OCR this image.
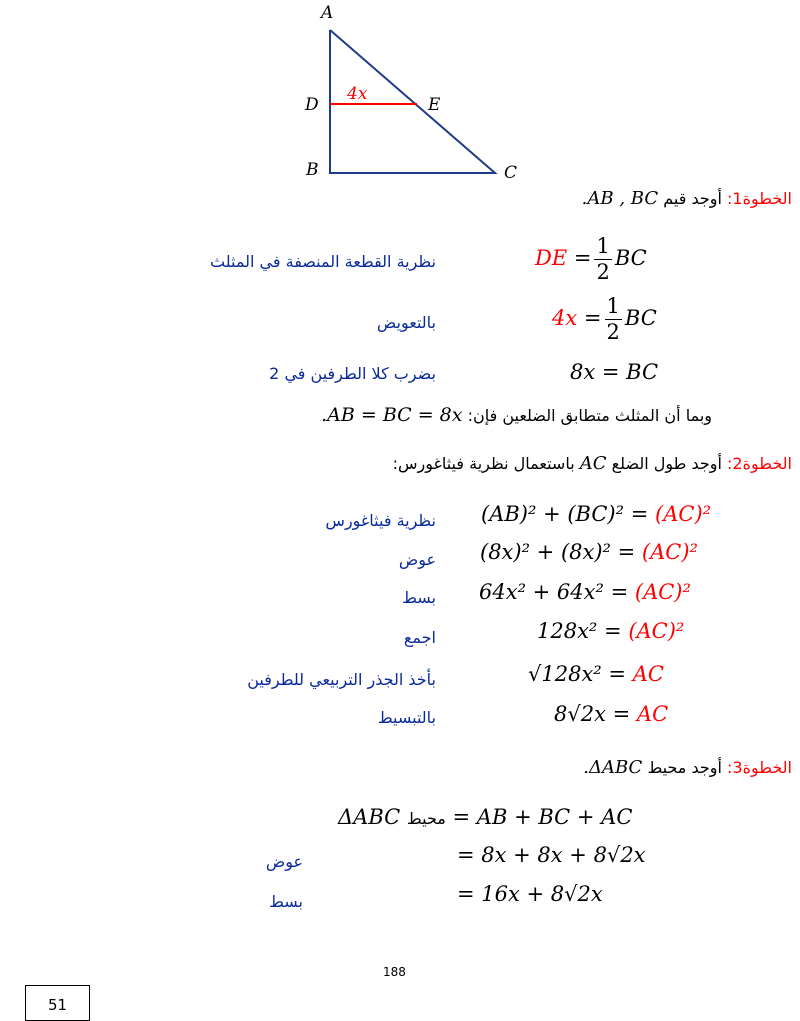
A
D	E
B	C
4x
الخطوة1: أوجد قيم AB , BC.
نظرية القطعة المنصفة في المثلث	DE = $\frac{1}{2}$ BC
بالتعويض	$4x = \frac{1}{2}$ BC
بضرب كلا الطرفين في 2	8x = BC
وبما أن المثلث متطابق الضلعين فإن: AB = BC = 8x.
الخطوة2: أوجد طول الضلع AC باستعمال نظرية فيثاغورس:
نظرية فيثاغورس (AB)² + (BC)² = (AC)²
عوض (8x)² + (8x)² = (AC)²
بسط 64x² + 64x² = (AC)²
اجمع	128x² = (AC)²
بأخذ الجذر التربيعي للطرفين	√128x² = AC
بالتبسيط	8√2x = AC
الخطوة3: أوجد محيط ΔABC.
ΔABC محيط = AB + BC + AC
عوض	= 8x + 8x + 8√2x
بسط	= 16x + 8√2x
188
51
